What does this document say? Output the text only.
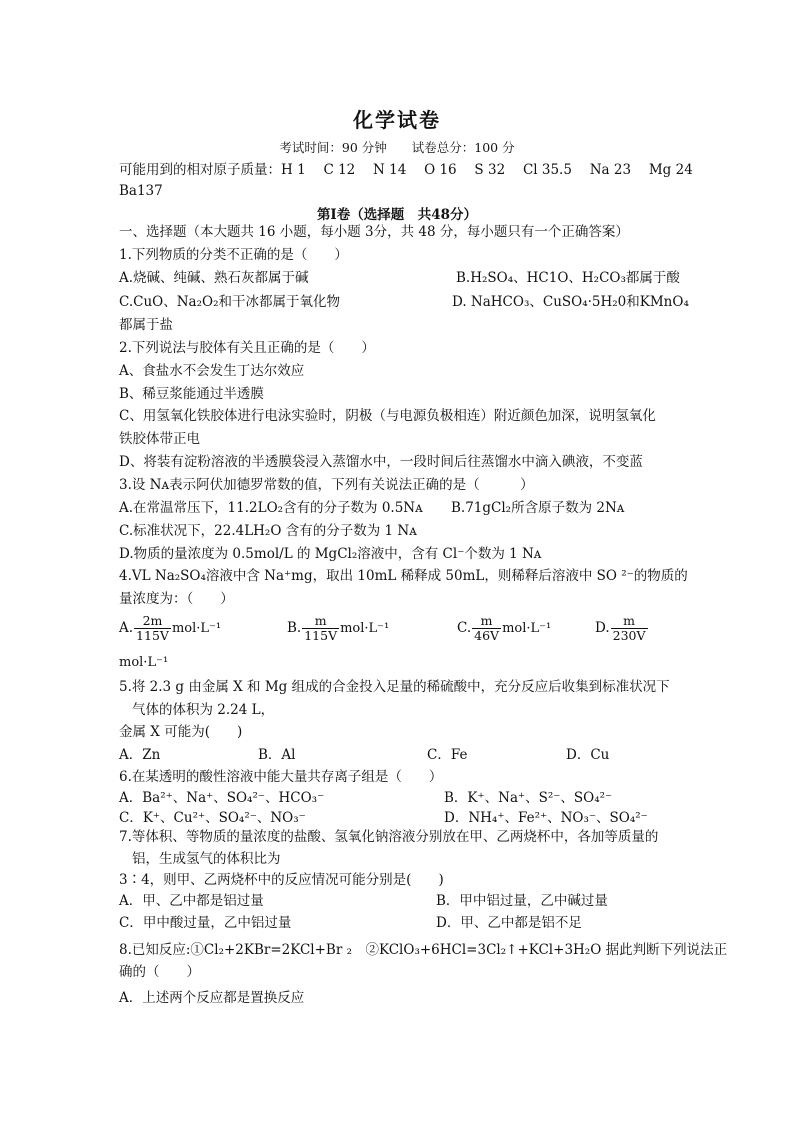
化学试卷
考试时间：90 分钟　　试卷总分：100 分
可能用到的相对原子质量：H 1　 C 12　 N 14　 O 16　 S 32　 Cl 35.5　 Na 23　 Mg 24
Ba137
第Ⅰ卷（选择题　共48分）
一、选择题（本大题共 16 小题，每小题 3分，共 48 分，每小题只有一个正确答案）
1.下列物质的分类不正确的是（　　）
A.烧碱、纯碱、熟石灰都属于碱	B.H₂SO₄、HC1O、H₂CO₃都属于酸
C.CuO、Na₂O₂和干冰都属于氧化物	D. NaHCO₃、CuSO₄·5H₂0和KMnO₄
都属于盐
2.下列说法与胶体有关且正确的是（　　）
A、食盐水不会发生丁达尔效应
B、稀豆浆能通过半透膜
C、用氢氧化铁胶体进行电泳实验时，阴极（与电源负极相连）附近颜色加深，说明氢氧化
铁胶体带正电
D、将装有淀粉溶液的半透膜袋浸入蒸馏水中，一段时间后往蒸馏水中滴入碘液，不变蓝
3.设 Nᴀ表示阿伏加德罗常数的值，下列有关说法正确的是（　　　）
A.在常温常压下，11.2LO₂含有的分子数为 0.5Nᴀ B.71gCl₂所含原子数为 2Nᴀ
C.标准状况下，22.4LH₂O 含有的分子数为 1 Nᴀ
D.物质的量浓度为 0.5mol/L 的 MgCl₂溶液中，含有 Cl⁻个数为 1 Nᴀ
4.VL Na₂SO₄溶液中含 Na⁺mg，取出 10mL 稀释成 50mL，则稀释后溶液中 SO ²⁻的物质的
量浓度为：（　　）
A. $\frac{2m}{115V} mol\cdot L^{-1}$	B. $\frac{m}{115V} mol\cdot L^{-1}$	C. $\frac{m}{46V} mol\cdot L^{-1}$	D. $\frac{m}{230V}$
mol·L⁻¹
5.将 2.3 g 由金属 X 和 Mg 组成的合金投入足量的稀硫酸中，充分反应后收集到标准状况下
气体的体积为 2.24 L，
金属 X 可能为(　　)
A．Zn	B．Al	C．Fe	D．Cu
6.在某透明的酸性溶液中能大量共存离子组是（　　）
A．Ba²⁺、Na⁺、SO₄²⁻、HCO₃⁻	B．K⁺、Na⁺、S²⁻、SO₄²⁻
C．K⁺、Cu²⁺、SO₄²⁻、NO₃⁻	D．NH₄⁺、Fe²⁺、NO₃⁻、SO₄²⁻
7.等体积、等物质的量浓度的盐酸、氢氧化钠溶液分别放在甲、乙两烧杯中，各加等质量的
铝，生成氢气的体积比为
3∶4，则甲、乙两烧杯中的反应情况可能分别是(　　)
A．甲、乙中都是铝过量	B．甲中铝过量，乙中碱过量
C．甲中酸过量，乙中铝过量	D．甲、乙中都是铝不足
8.已知反应:①Cl₂+2KBr=2KCl+Br ₂　②KClO₃+6HCl=3Cl₂↑+KCl+3H₂O 据此判断下列说法正
确的（　　）
A．上述两个反应都是置换反应
